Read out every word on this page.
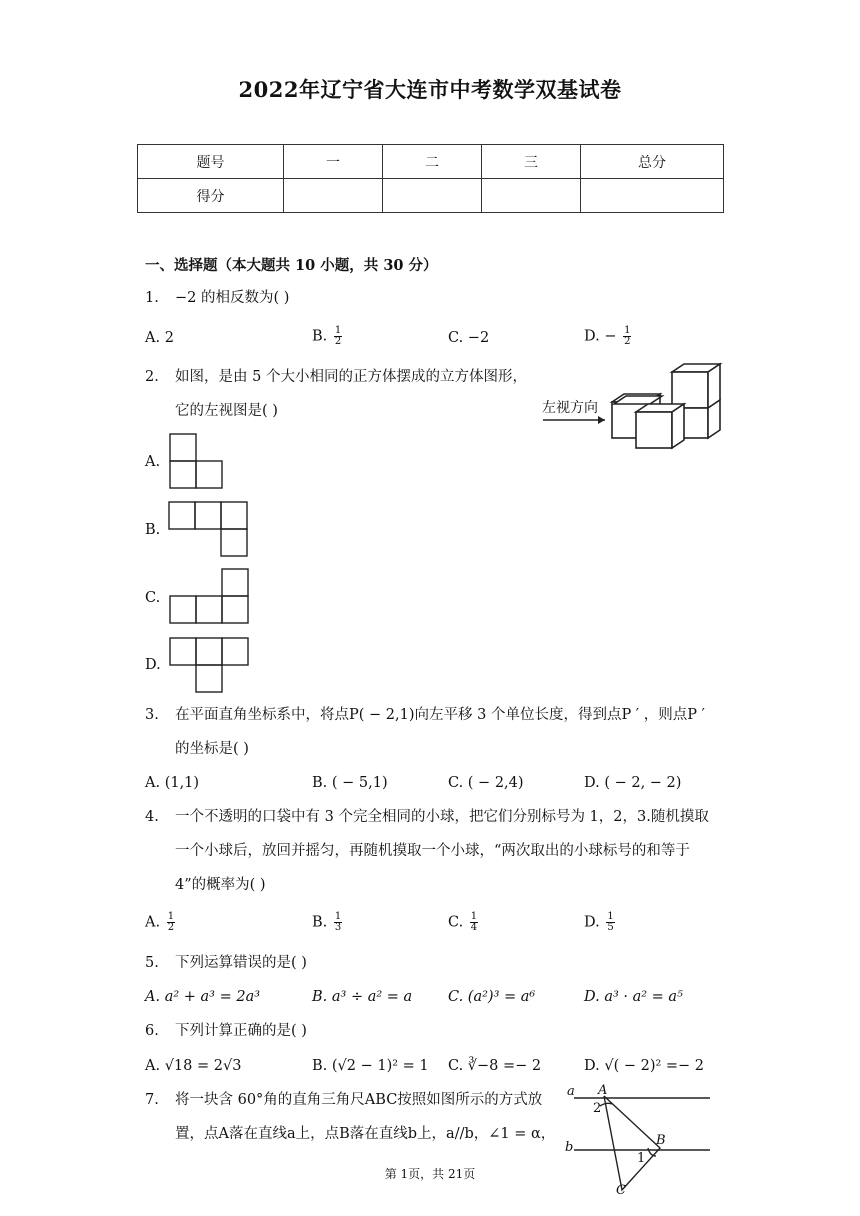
2022年辽宁省大连市中考数学双基试卷
题号	一	二	三	总分
得分				
一、选择题（本大题共 10 小题，共 30 分）
1. −2 的相反数为( )
A. 2	B. $\frac{1}{2}$	C. −2	D. − $\frac{1}{2}$
2. 如图，是由 5 个大小相同的正方体摆成的立方体图形，
它的左视图是( )	左视方向
A.
B.
C.
D.
3. 在平面直角坐标系中，将点P( − 2,1)向左平移 3 个单位长度，得到点P ′ ，则点P ′
的坐标是( )
A. (1,1)	B. ( − 5,1)	C. ( − 2,4)	D. ( − 2, − 2)
4. 一个不透明的口袋中有 3 个完全相同的小球，把它们分别标号为 1，2，3.随机摸取
一个小球后，放回并摇匀，再随机摸取一个小球，“两次取出的小球标号的和等于
4”的概率为( )
A. $\frac{1}{2}$	B. $\frac{1}{3}$	C. $\frac{1}{4}$	D. $\frac{1}{5}$
5. 下列运算错误的是( )
A. a² + a³ = 2a³	B. a³ ÷ a² = a C. (a²)³ = a⁶	D. a³ · a² = a⁵
6. 下列计算正确的是( )
A. √18 = 2√3	B. (√2 − 1)² = 1 C. ∛−8 =− 2	D. √( − 2)² =− 2
7. 将一块含 60°角的直角三角尺ABC按照如图所示的方式放
置，点A落在直线a上，点B落在直线b上，a//b，∠1 = α，
a
b
A
2
B
1
C
第 1页，共 21页
